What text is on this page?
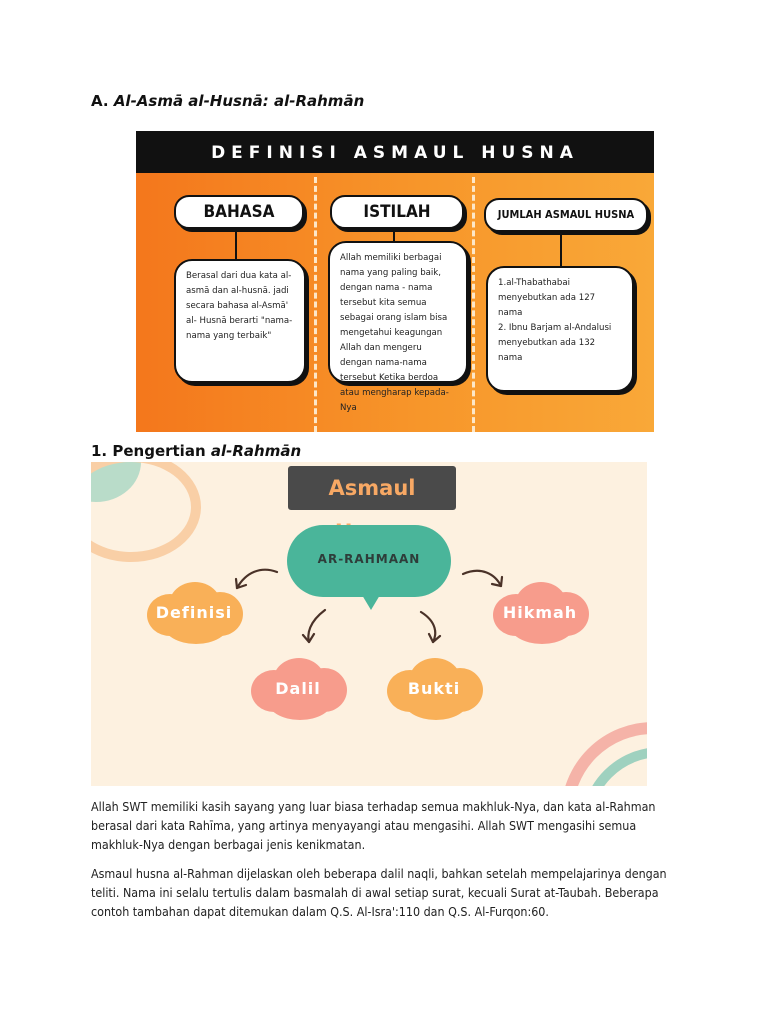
A. Al-Asmā al-Husnā: al-Rahmān
DEFINISI ASMAUL HUSNA
BAHASA
Berasal dari dua kata al-asmā dan al-husnā. jadi secara bahasa al-Asmā' al- Husnā berarti "nama-nama yang terbaik"
ISTILAH
Allah memiliki berbagai nama yang paling baik, dengan nama - nama tersebut kita semua sebagai orang islam bisa mengetahui keagungan Allah dan mengeru dengan nama-nama tersebut Ketika berdoa atau mengharap kepada-Nya
JUMLAH ASMAUL HUSNA
1.al-Thabathabai menyebutkan ada 127 nama
2. Ibnu Barjam al-Andalusi menyebutkan ada 132 nama
1. Pengertian al-Rahmān
Asmaul
AR-RAHMAAN
Definisi	Hikmah
Dalil	Bukti

Allah SWT memiliki kasih sayang yang luar biasa terhadap semua makhluk-Nya, dan kata al-Rahman berasal dari kata Rahīma, yang artinya menyayangi atau mengasihi. Allah SWT mengasihi semua makhluk-Nya dengan berbagai jenis kenikmatan.

Asmaul husna al-Rahman dijelaskan oleh beberapa dalil naqli, bahkan setelah mempelajarinya dengan teliti. Nama ini selalu tertulis dalam basmalah di awal setiap surat, kecuali Surat at-Taubah. Beberapa contoh tambahan dapat ditemukan dalam Q.S. Al-Isra':110 dan Q.S. Al-Furqon:60.
